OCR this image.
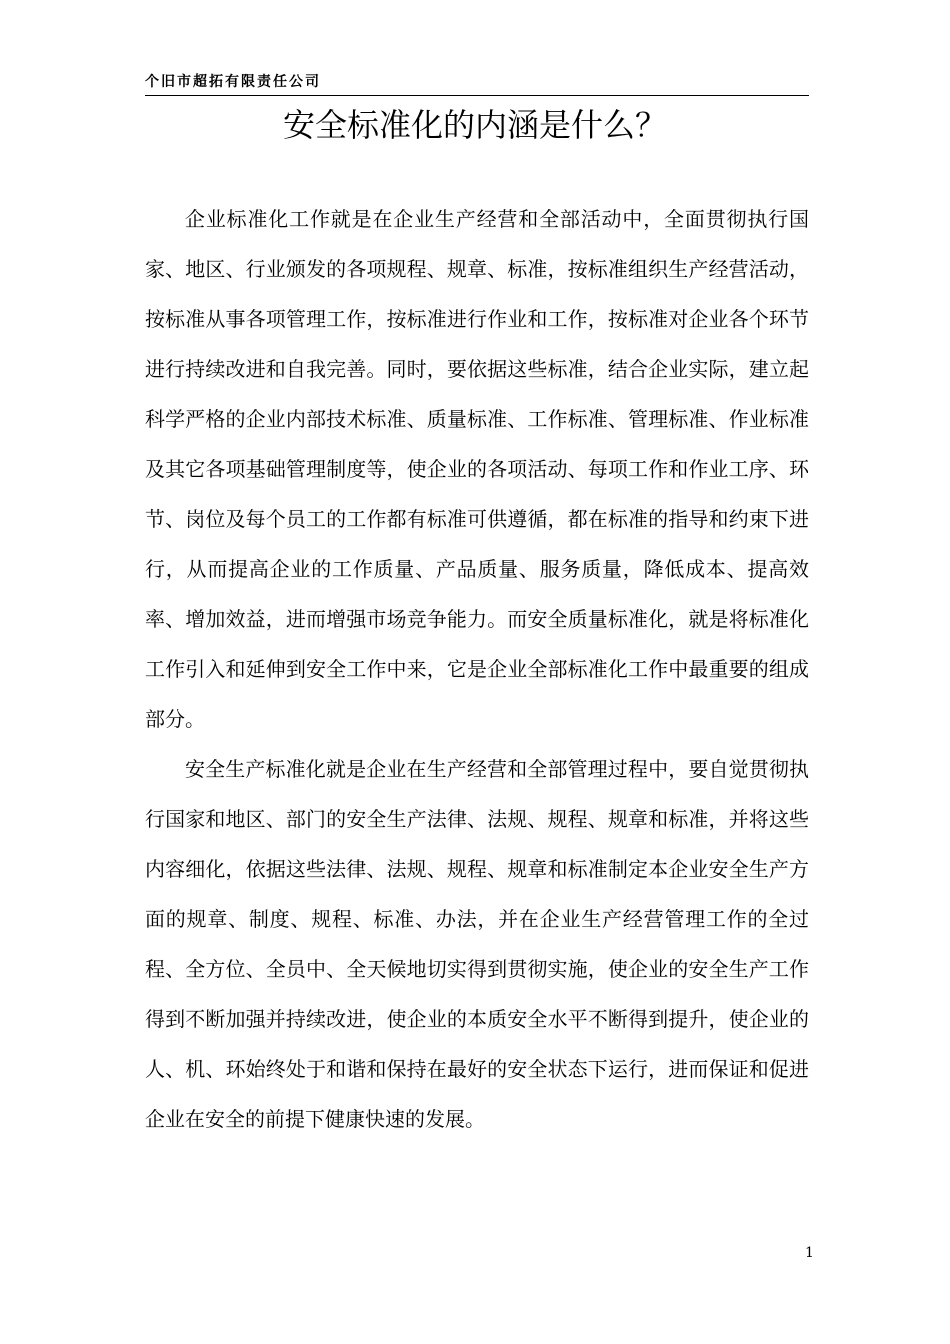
个旧市超拓有限责任公司
安全标准化的内涵是什么？

企业标准化工作就是在企业生产经营和全部活动中，全面贯彻执行国家、地区、行业颁发的各项规程、规章、标准，按标准组织生产经营活动，按标准从事各项管理工作，按标准进行作业和工作，按标准对企业各个环节进行持续改进和自我完善。同时，要依据这些标准，结合企业实际，建立起科学严格的企业内部技术标准、质量标准、工作标准、管理标准、作业标准及其它各项基础管理制度等，使企业的各项活动、每项工作和作业工序、环节、岗位及每个员工的工作都有标准可供遵循，都在标准的指导和约束下进行，从而提高企业的工作质量、产品质量、服务质量，降低成本、提高效率、增加效益，进而增强市场竞争能力。而安全质量标准化，就是将标准化工作引入和延伸到安全工作中来，它是企业全部标准化工作中最重要的组成部分。

安全生产标准化就是企业在生产经营和全部管理过程中，要自觉贯彻执行国家和地区、部门的安全生产法律、法规、规程、规章和标准，并将这些内容细化，依据这些法律、法规、规程、规章和标准制定本企业安全生产方面的规章、制度、规程、标准、办法，并在企业生产经营管理工作的全过程、全方位、全员中、全天候地切实得到贯彻实施，使企业的安全生产工作得到不断加强并持续改进，使企业的本质安全水平不断得到提升，使企业的人、机、环始终处于和谐和保持在最好的安全状态下运行，进而保证和促进企业在安全的前提下健康快速的发展。

1
